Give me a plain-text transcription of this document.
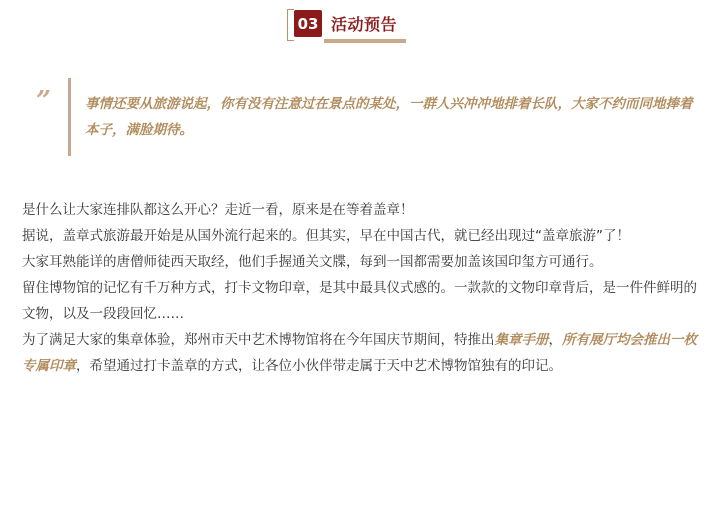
03 活动预告
”	事情还要从旅游说起，你有没有注意过在景点的某处，一群人兴冲冲地排着长队，大家不约而同地捧着本子，满脸期待。

是什么让大家连排队都这么开心？走近一看，原来是在等着盖章！

据说，盖章式旅游最开始是从国外流行起来的。但其实，早在中国古代，就已经出现过“盖章旅游”了！

大家耳熟能详的唐僧师徒西天取经，他们手握通关文牒，每到一国都需要加盖该国印玺方可通行。

留住博物馆的记忆有千万种方式，打卡文物印章，是其中最具仪式感的。一款款的文物印章背后，是一件件鲜明的文物，以及一段段回忆……

为了满足大家的集章体验，郑州市天中艺术博物馆将在今年国庆节期间，特推出集章手册，所有展厅均会推出一枚专属印章，希望通过打卡盖章的方式，让各位小伙伴带走属于天中艺术博物馆独有的印记。
